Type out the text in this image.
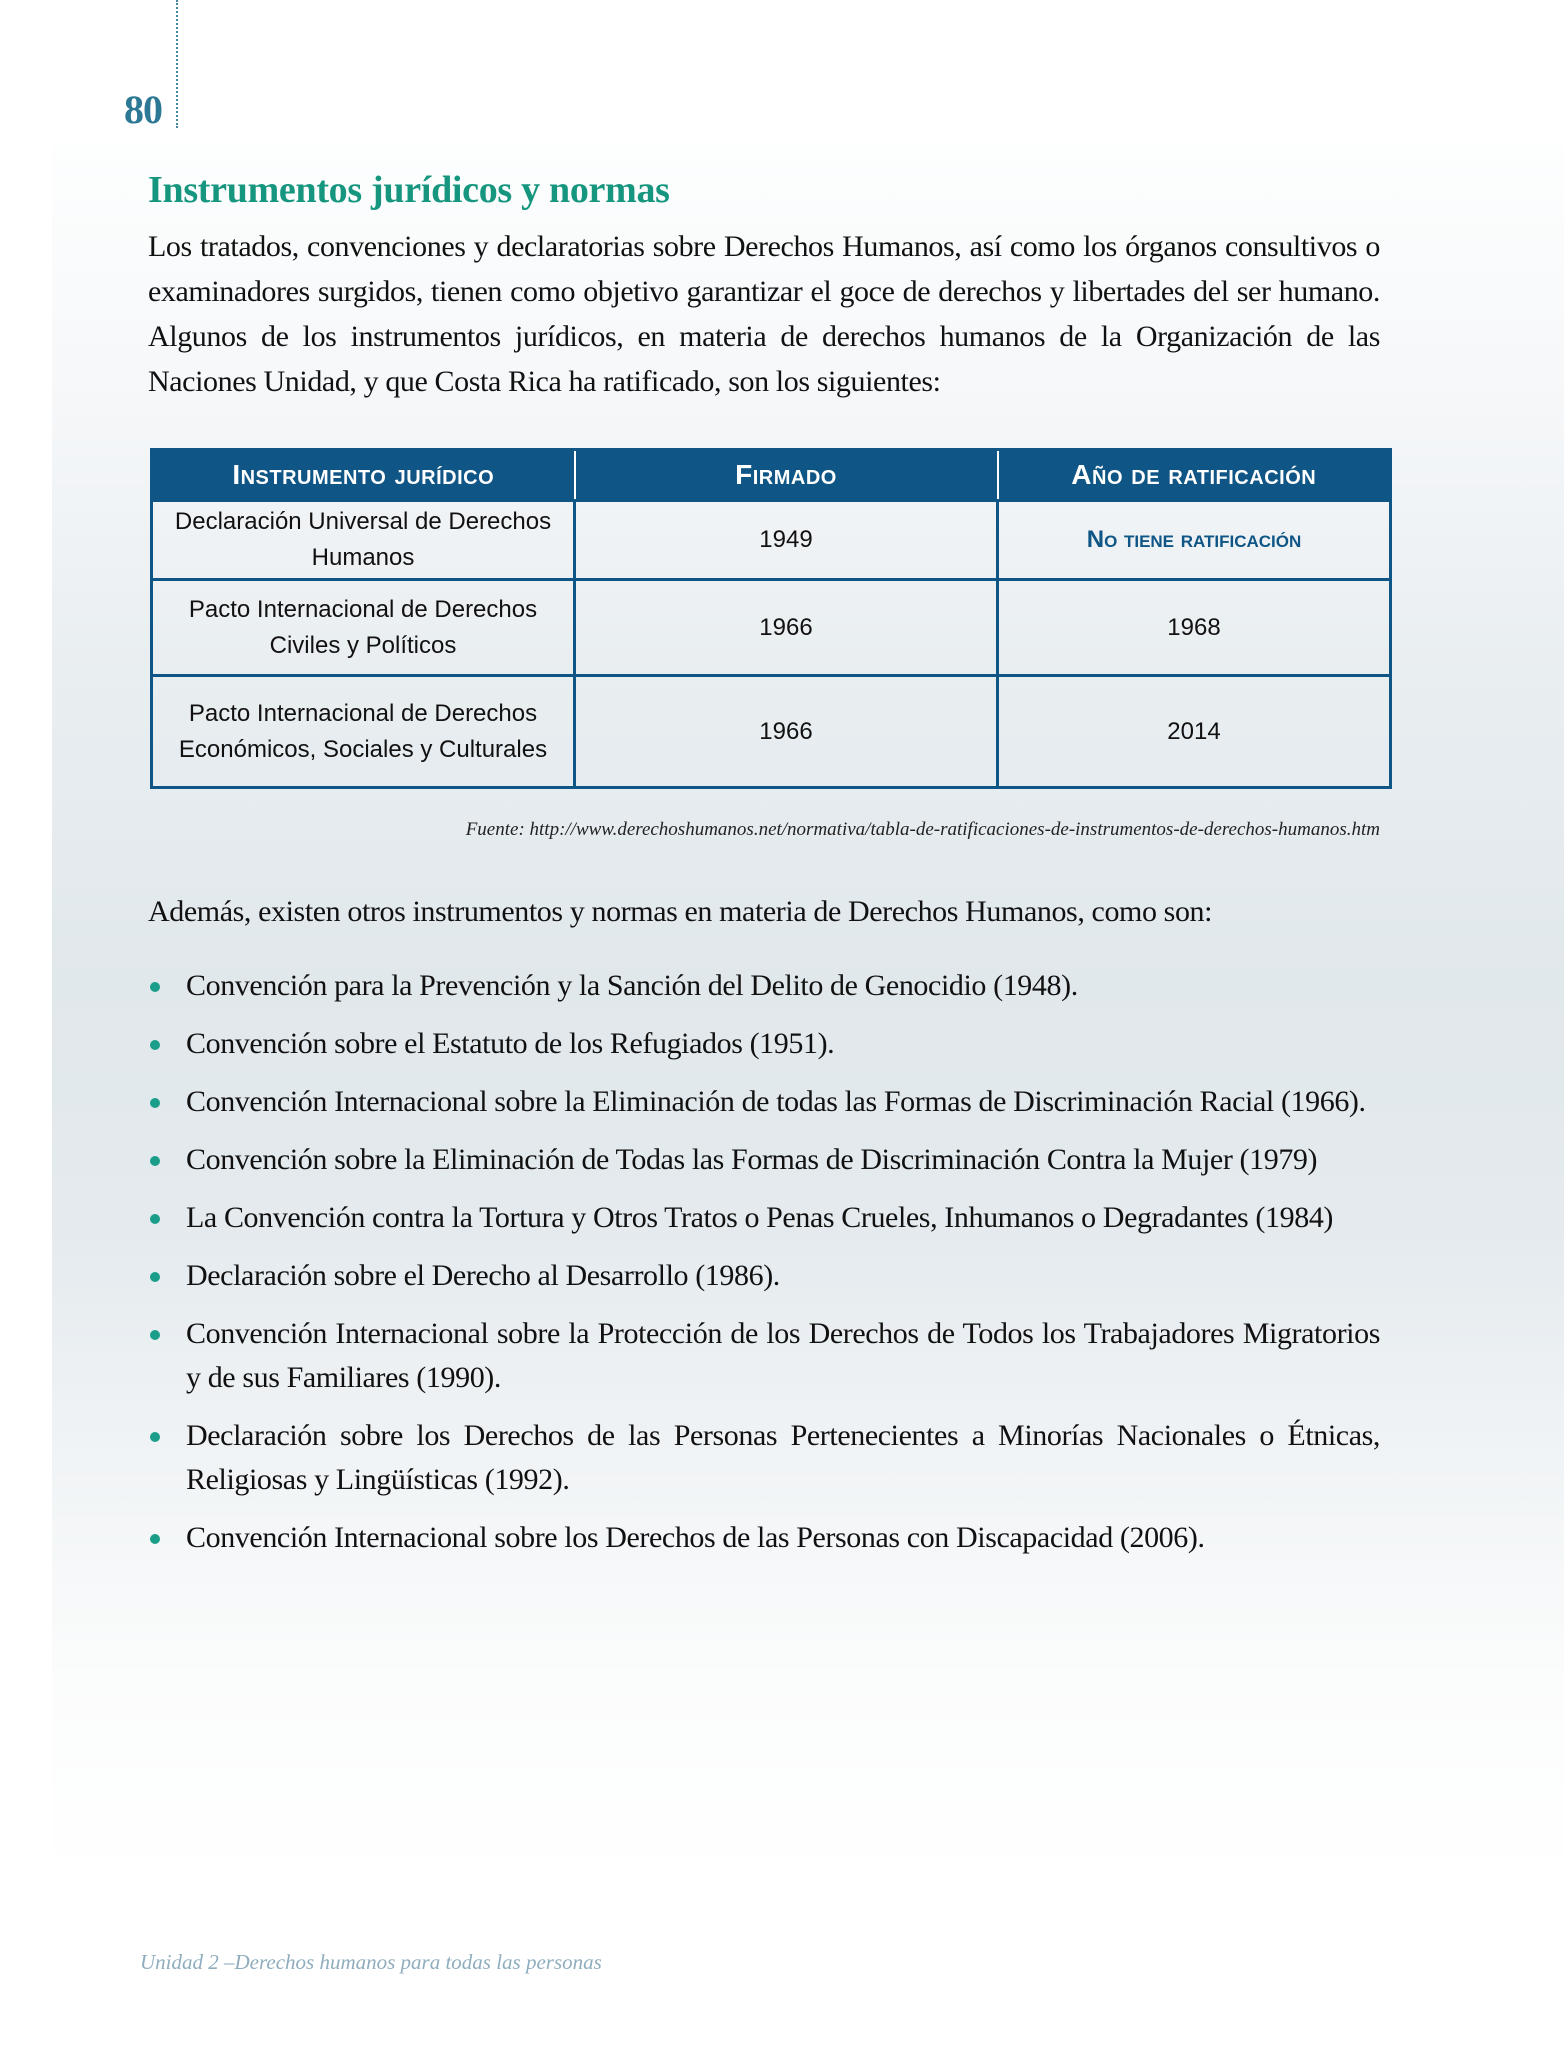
80
Instrumentos jurídicos y normas

Los tratados, convenciones y declaratorias sobre Derechos Humanos, así como los órganos consultivos o examinadores surgidos, tienen como objetivo garantizar el goce de derechos y libertades del ser humano. Algunos de los instrumentos jurídicos, en materia de derechos humanos de la Organización de las Naciones Unidad, y que Costa Rica ha ratificado, son los siguientes:

Instrumento jurídico	Firmado	Año de ratificación
Declaración Universal de Derechos Humanos	1949	No tiene ratificación
Pacto Internacional de Derechos Civiles y Políticos	1966	1968
Pacto Internacional de Derechos Económicos, Sociales y Culturales	1966	2014
Fuente: http://www.derechoshumanos.net/normativa/tabla-de-ratificaciones-de-instrumentos-de-derechos-humanos.htm

Además, existen otros instrumentos y normas en materia de Derechos Humanos, como son:

Convención para la Prevención y la Sanción del Delito de Genocidio (1948).
Convención sobre el Estatuto de los Refugiados (1951).
Convención Internacional sobre la Eliminación de todas las Formas de Discriminación Racial (1966).
Convención sobre la Eliminación de Todas las Formas de Discriminación Contra la Mujer (1979)
La Convención contra la Tortura y Otros Tratos o Penas Crueles, Inhumanos o Degradantes (1984)
Declaración sobre el Derecho al Desarrollo (1986).
Convención Internacional sobre la Protección de los Derechos de Todos los Trabajadores Migratorios y de sus Familiares (1990).
Declaración sobre los Derechos de las Personas Pertenecientes a Minorías Nacionales o Étnicas, Religiosas y Lingüísticas (1992).
Convención Internacional sobre los Derechos de las Personas con Discapacidad (2006).
Unidad 2 –Derechos humanos para todas las personas
